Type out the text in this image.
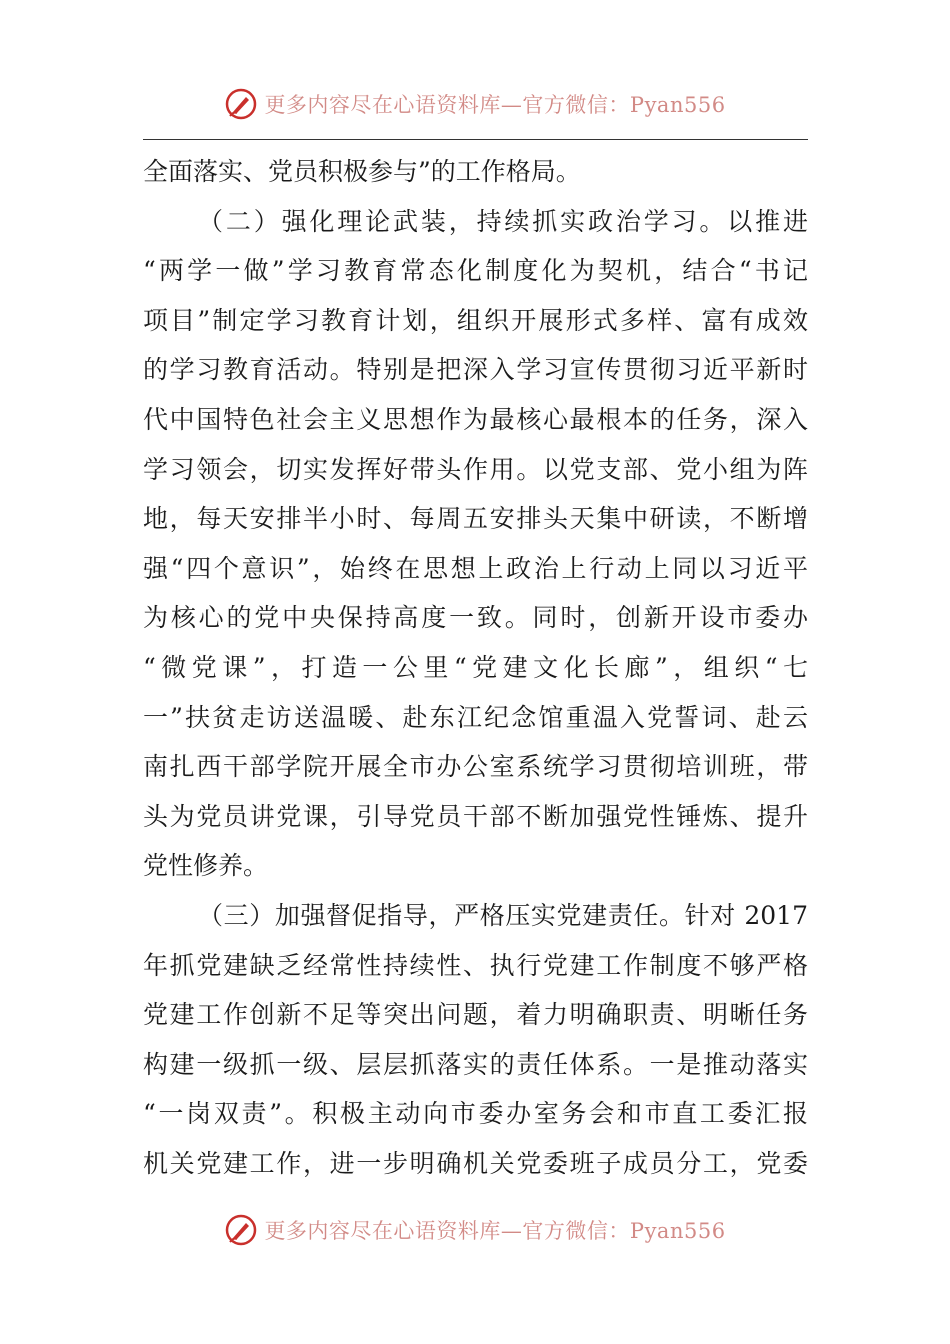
更多内容尽在心语资料库—官方微信：Pyan556
全面落实、党员积极参与”的工作格局。
（二）强化理论武装，持续抓实政治学习。以推进
“两学一做”学习教育常态化制度化为契机，结合“书记
项目”制定学习教育计划，组织开展形式多样、富有成效
的学习教育活动。特别是把深入学习宣传贯彻习近平新时
代中国特色社会主义思想作为最核心最根本的任务，深入
学习领会，切实发挥好带头作用。以党支部、党小组为阵
地，每天安排半小时、每周五安排头天集中研读，不断增
强“四个意识”，始终在思想上政治上行动上同以习近平
为核心的党中央保持高度一致。同时，创新开设市委办
“微党课”，打造一公里“党建文化长廊”，组织“七
一”扶贫走访送温暖、赴东江纪念馆重温入党誓词、赴云
南扎西干部学院开展全市办公室系统学习贯彻培训班，带
头为党员讲党课，引导党员干部不断加强党性锤炼、提升
党性修养。
（三）加强督促指导，严格压实党建责任。针对 2017
年抓党建缺乏经常性持续性、执行党建工作制度不够严格
党建工作创新不足等突出问题，着力明确职责、明晰任务
构建一级抓一级、层层抓落实的责任体系。一是推动落实
“一岗双责”。积极主动向市委办室务会和市直工委汇报
机关党建工作，进一步明确机关党委班子成员分工，党委
更多内容尽在心语资料库—官方微信：Pyan556
